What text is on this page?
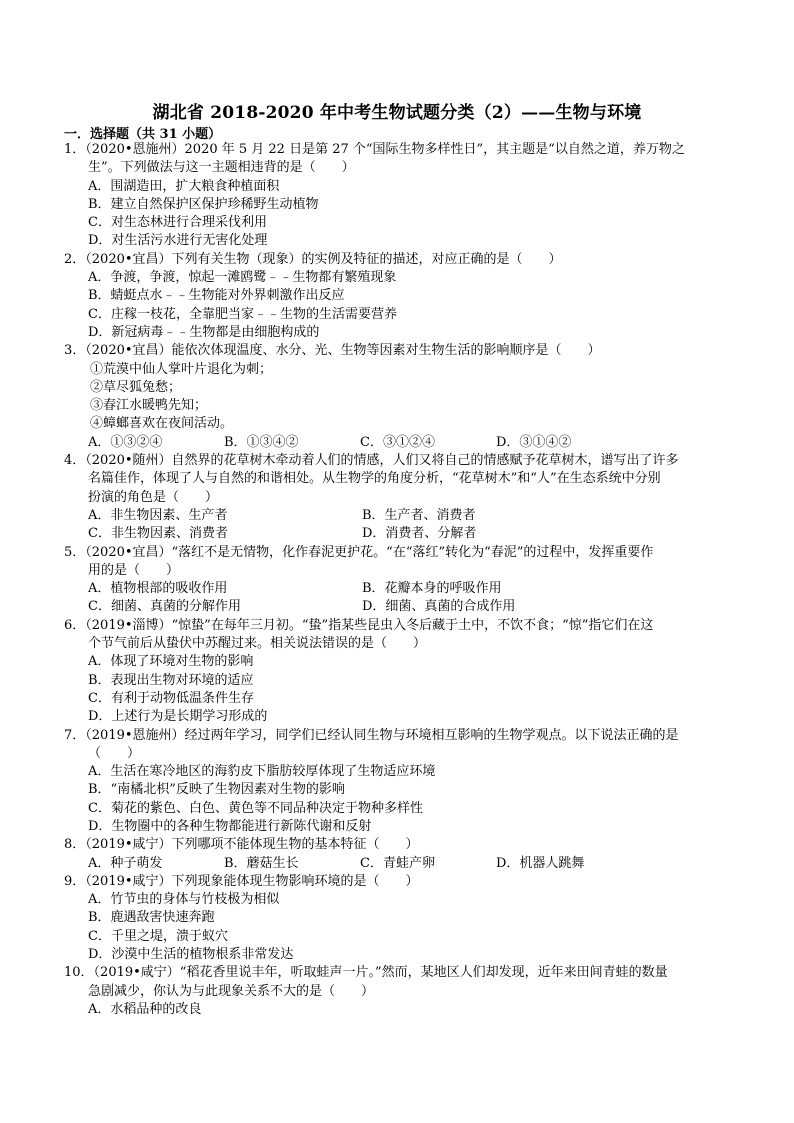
湖北省 2018-2020 年中考生物试题分类（2）——生物与环境
一．选择题（共 31 小题）
1．（2020•恩施州）2020 年 5 月 22 日是第 27 个“国际生物多样性日”，其主题是“以自然之道，养万物之
生”。下列做法与这一主题相违背的是（　　）
A．围湖造田，扩大粮食种植面积
B．建立自然保护区保护珍稀野生动植物
C．对生态林进行合理采伐利用
D．对生活污水进行无害化处理
2．（2020•宜昌）下列有关生物（现象）的实例及特征的描述，对应正确的是（　　）
A．争渡，争渡，惊起一滩鸥鹭﹣﹣生物都有繁殖现象
B．蜻蜓点水﹣﹣生物能对外界刺激作出反应
C．庄稼一枝花，全靠肥当家﹣﹣生物的生活需要营养
D．新冠病毒﹣﹣生物都是由细胞构成的
3．（2020•宜昌）能依次体现温度、水分、光、生物等因素对生物生活的影响顺序是（　　）
①荒漠中仙人掌叶片退化为刺；
②草尽狐兔愁；
③春江水暖鸭先知；
④蟑螂喜欢在夜间活动。
A．①③②④	B．①③④②	C．③①②④	D．③①④②
4．（2020•随州）自然界的花草树木牵动着人们的情感，人们又将自己的情感赋予花草树木，谱写出了许多
名篇佳作，体现了人与自然的和谐相处。从生物学的角度分析，“花草树木”和“人”在生态系统中分别
扮演的角色是（　　）
A．非生物因素、生产者	B．生产者、消费者
C．非生物因素、消费者	D．消费者、分解者
5．（2020•宜昌）“落红不是无情物，化作春泥更护花。“在“落红”转化为“春泥”的过程中，发挥重要作
用的是（　　）
A．植物根部的吸收作用	B．花瓣本身的呼吸作用
C．细菌、真菌的分解作用	D．细菌、真菌的合成作用
6．（2019•淄博）“惊蛰”在每年三月初。“蛰”指某些昆虫入冬后藏于土中，不饮不食；“惊”指它们在这
个节气前后从蛰伏中苏醒过来。相关说法错误的是（　　）
A．体现了环境对生物的影响
B．表现出生物对环境的适应
C．有利于动物低温条件生存
D．上述行为是长期学习形成的
7．（2019•恩施州）经过两年学习，同学们已经认同生物与环境相互影响的生物学观点。以下说法正确的是
（　　）
A．生活在寒冷地区的海豹皮下脂肪较厚体现了生物适应环境
B．“南橘北枳”反映了生物因素对生物的影响
C．菊花的紫色、白色、黄色等不同品种决定于物种多样性
D．生物圈中的各种生物都能进行新陈代谢和反射
8．（2019•咸宁）下列哪项不能体现生物的基本特征（　　）
A．种子萌发	B．蘑菇生长	C．青蛙产卵	D．机器人跳舞
9．（2019•咸宁）下列现象能体现生物影响环境的是（　　）
A．竹节虫的身体与竹枝极为相似
B．鹿遇敌害快速奔跑
C．千里之堤，溃于蚁穴
D．沙漠中生活的植物根系非常发达
10．（2019•咸宁）“稻花香里说丰年，听取蛙声一片。”然而，某地区人们却发现，近年来田间青蛙的数量
急剧减少，你认为与此现象关系不大的是（　　）
A．水稻品种的改良
